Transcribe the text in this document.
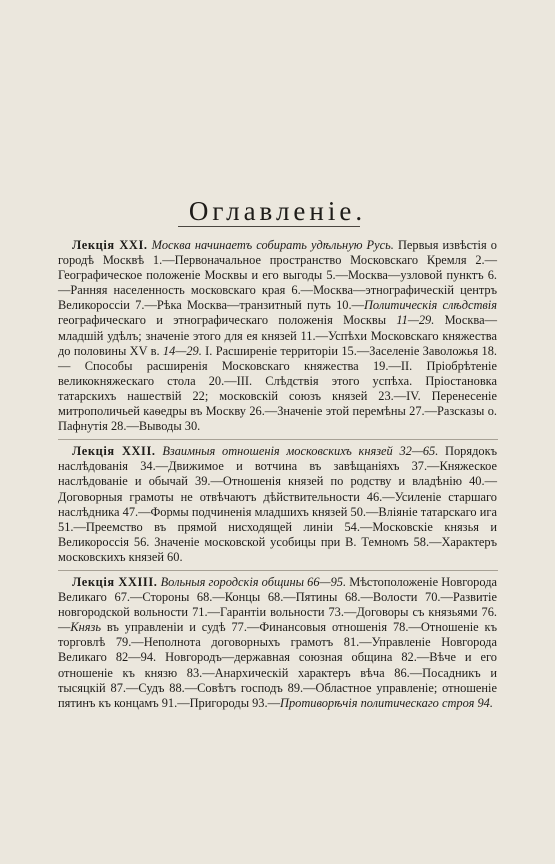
Оглавленіе.

Лекція XXI. Москва начинаетъ собирать удѣльную Русь. Первыя извѣстія о городѣ Москвѣ 1.—Первоначальное пространство Московскаго Кремля 2.—Географическое положеніе Москвы и его выгоды 5.—Москва—узловой пунктъ 6.—Ранняя населенность московскаго края 6.—Москва—этнографическій центръ Великороссіи 7.—Рѣка Москва—транзитный путь 10.—Политическія слѣдствія географическаго и этнографическаго положенія Москвы 11—29. Москва—младшій удѣлъ; значеніе этого для ея князей 11.—Успѣхи Московскаго княжества до половины XV в. 14—29. I. Расширеніе территоріи 15.—Заселеніе Заволожья 18. — Способы расширенія Московскаго княжества 19.—II. Пріобрѣтеніе великокняжескаго стола 20.—III. Слѣдствія этого успѣха. Пріостановка татарскихъ нашествій 22; московскій союзъ князей 23.—IV. Перенесеніе митрополичьей каѳедры въ Москву 26.—Значеніе этой перемѣны 27.—Разсказы о. Пафнутія 28.—Выводы 30.

Лекція XXII. Взаимныя отношенія московскихъ князей 32—65. Порядокъ наслѣдованія 34.—Движимое и вотчина въ завѣщаніяхъ 37.—Княжеское наслѣдованіе и обычай 39.—Отношенія князей по родству и владѣнію 40.—Договорныя грамоты не отвѣчаютъ дѣйствительности 46.—Усиленіе старшаго наслѣдника 47.—Формы подчиненія младшихъ князей 50.—Вліяніе татарскаго ига 51.—Преемство въ прямой нисходящей линіи 54.—Московскіе князья и Великороссія 56. Значеніе московской усобицы при В. Темномъ 58.—Характеръ московскихъ князей 60.

Лекція XXIII. Вольныя городскія общины 66—95. Мѣстоположеніе Новгорода Великаго 67.—Стороны 68.—Концы 68.—Пятины 68.—Волости 70.—Развитіе новгородской вольности 71.—Гарантіи вольности 73.—Договоры съ князьями 76.—Князь въ управленіи и судѣ 77.—Финансовыя отношенія 78.—Отношеніе къ торговлѣ 79.—Неполнота договорныхъ грамотъ 81.—Управленіе Новгорода Великаго 82—94. Новгородъ—державная союзная община 82.—Вѣче и его отношеніе къ князю 83.—Анархическій характеръ вѣча 86.—Посадникъ и тысяцкій 87.—Судъ 88.—Совѣтъ господъ 89.—Областное управленіе; отношеніе пятинъ къ концамъ 91.—Пригороды 93.—Противорѣчія политическаго строя 94.
